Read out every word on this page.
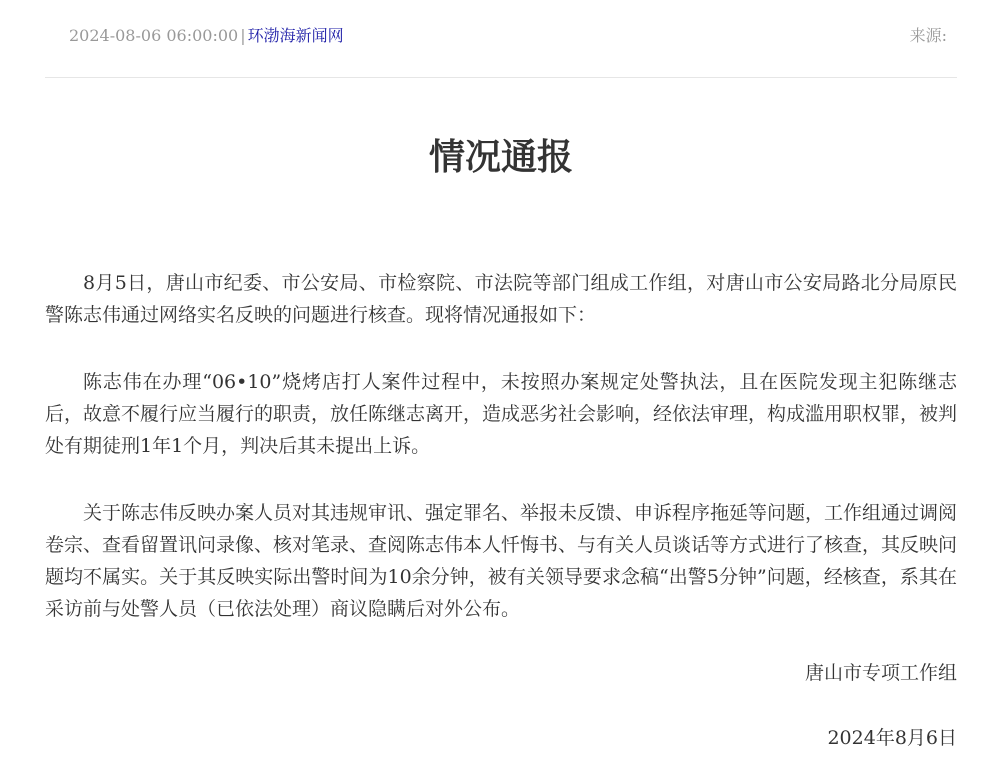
2024-08-06 06:00:00 | 环渤海新闻网	来源:
情况通报

8月5日，唐山市纪委、市公安局、市检察院、市法院等部门组成工作组，对唐山市公安局路北分局原民警陈志伟通过网络实名反映的问题进行核查。现将情况通报如下：

陈志伟在办理“06•10”烧烤店打人案件过程中，未按照办案规定处警执法，且在医院发现主犯陈继志后，故意不履行应当履行的职责，放任陈继志离开，造成恶劣社会影响，经依法审理，构成滥用职权罪，被判处有期徒刑1年1个月，判决后其未提出上诉。

关于陈志伟反映办案人员对其违规审讯、强定罪名、举报未反馈、申诉程序拖延等问题，工作组通过调阅卷宗、查看留置讯问录像、核对笔录、查阅陈志伟本人忏悔书、与有关人员谈话等方式进行了核查，其反映问题均不属实。关于其反映实际出警时间为10余分钟，被有关领导要求念稿“出警5分钟”问题，经核查，系其在采访前与处警人员（已依法处理）商议隐瞒后对外公布。

唐山市专项工作组
2024年8月6日
